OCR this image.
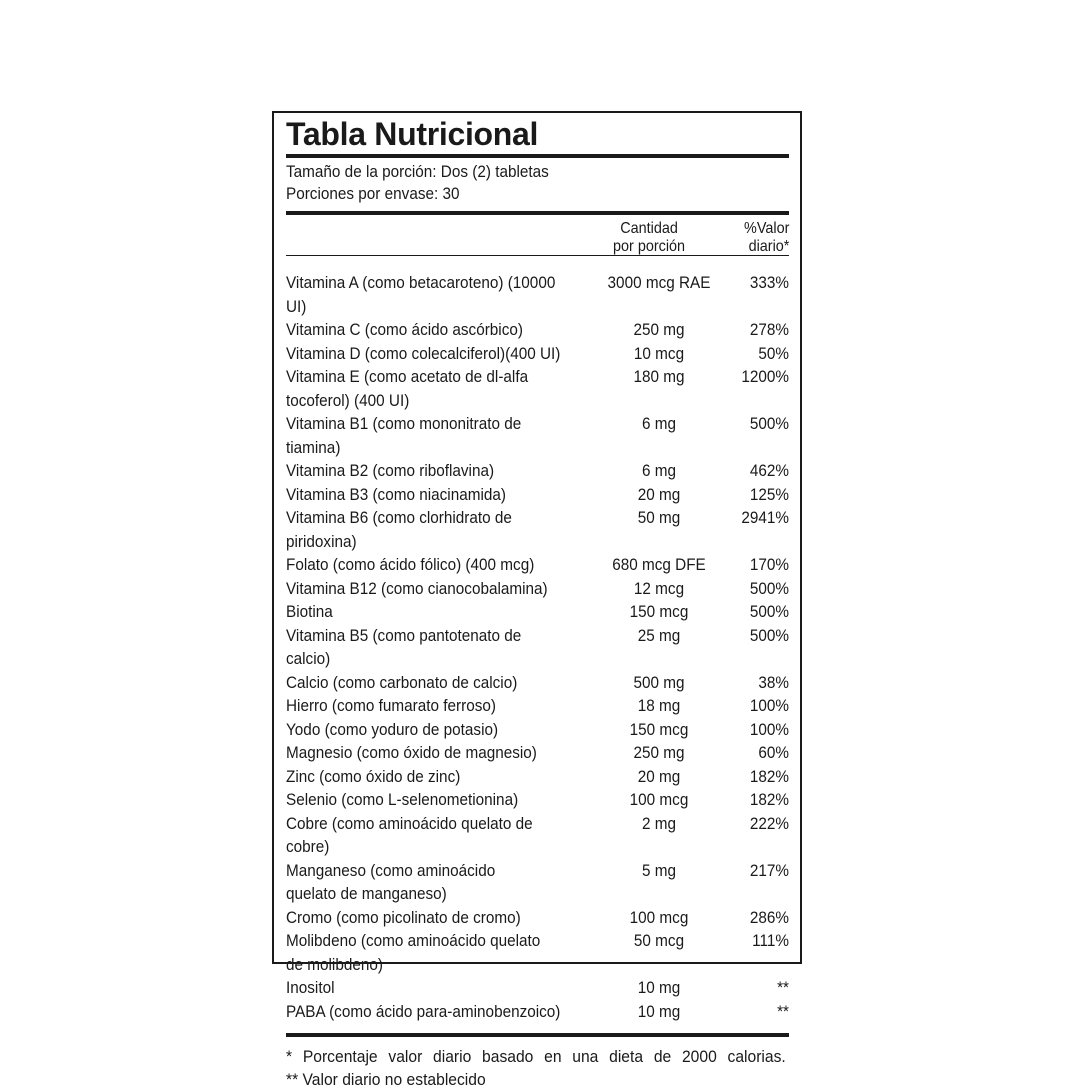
Tabla Nutricional
Tamaño de la porción: Dos (2) tabletas
Porciones por envase: 30
Cantidad
por porción
%Valor
diario*
Vitamina A (como betacaroteno) (10000 UI)
3000 mcg RAE	333%
Vitamina C (como ácido ascórbico)	250 mg	278%
Vitamina D (como colecalciferol)(400 UI)	10 mcg	50%
Vitamina E (como acetato de dl-alfa
tocoferol) (400 UI)
180 mg	1200%
Vitamina B1 (como mononitrato de tiamina)
6 mg	500%
Vitamina B2 (como riboflavina)	6 mg	462%
Vitamina B3 (como niacinamida)	20 mg	125%
Vitamina B6 (como clorhidrato de piridoxina)
50 mg	2941%
Folato (como ácido fólico) (400 mcg)	680 mcg DFE	170%
Vitamina B12 (como cianocobalamina)	12 mcg	500%
Biotina	150 mcg	500%
Vitamina B5 (como pantotenato de calcio)
25 mg	500%
Calcio (como carbonato de calcio)	500 mg	38%
Hierro (como fumarato ferroso)	18 mg	100%
Yodo (como yoduro de potasio)	150 mcg	100%
Magnesio (como óxido de magnesio)	250 mg	60%
Zinc (como óxido de zinc)	20 mg	182%
Selenio (como L-selenometionina)	100 mcg	182%
Cobre (como aminoácido quelato de cobre)
2 mg	222%
Manganeso (como aminoácido
quelato de manganeso)
5 mg	217%
Cromo (como picolinato de cromo)	100 mcg	286%
Molibdeno (como aminoácido quelato
de molibdeno)
50 mcg	111%
Inositol	10 mg	**
PABA (como ácido para-aminobenzoico)	10 mg	**
* Porcentaje valor diario basado en una dieta de 2000 calorias.
** Valor diario no establecido
